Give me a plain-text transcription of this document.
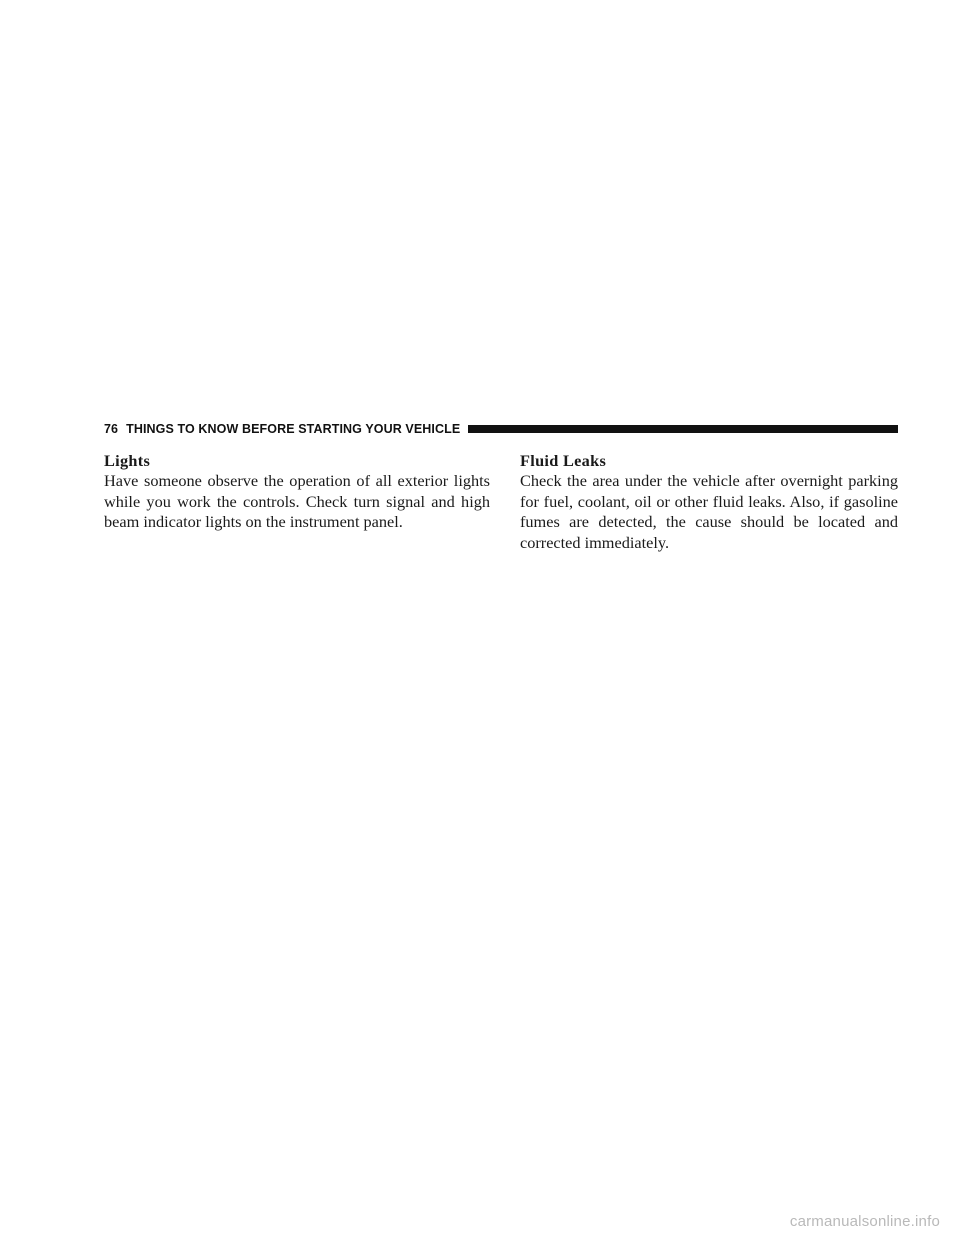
76 THINGS TO KNOW BEFORE STARTING YOUR VEHICLE
Lights

Have someone observe the operation of all exterior lights while you work the controls. Check turn signal and high beam indicator lights on the instrument panel.

Fluid Leaks

Check the area under the vehicle after overnight parking for fuel, coolant, oil or other fluid leaks. Also, if gasoline fumes are detected, the cause should be located and corrected immediately.

carmanualsonline.info
